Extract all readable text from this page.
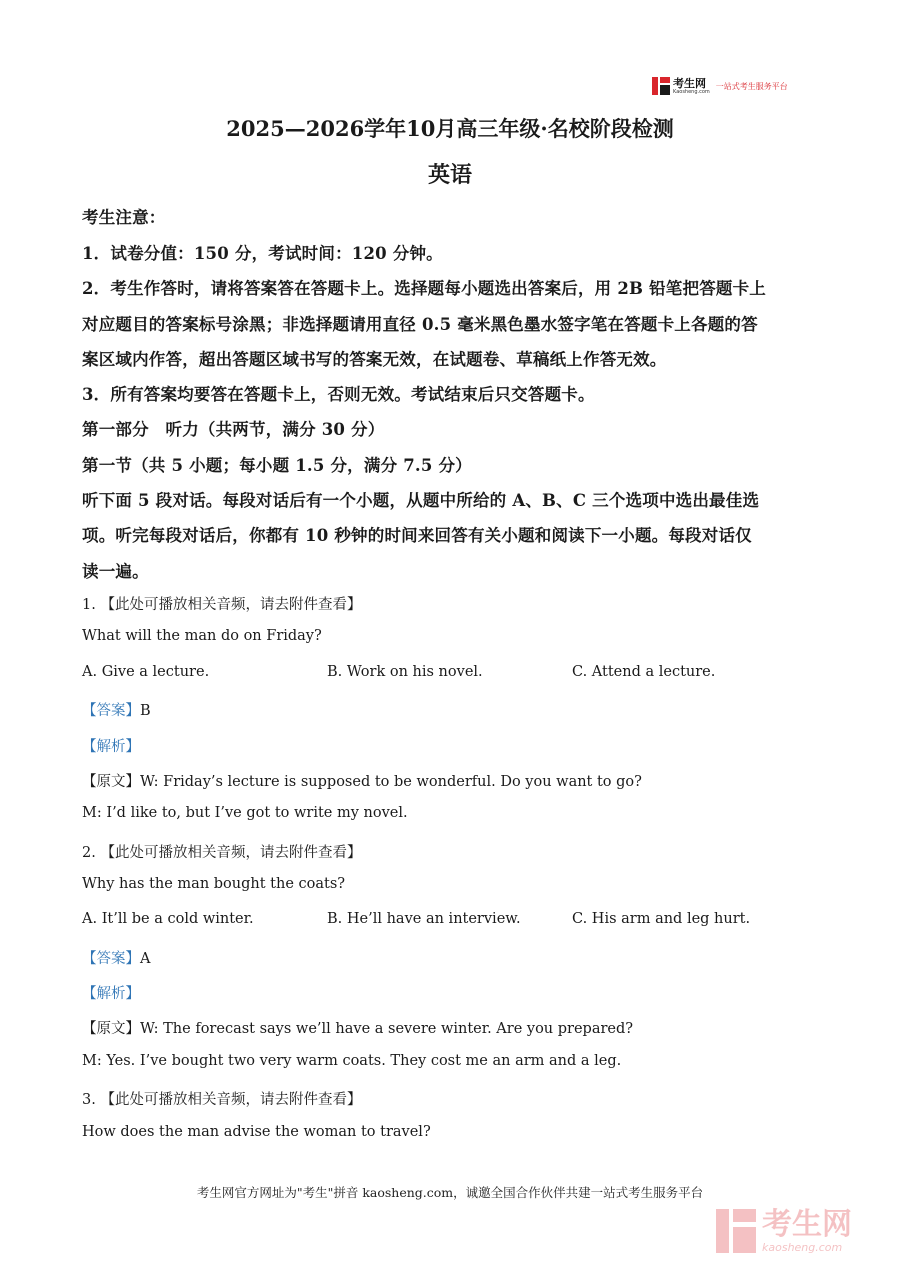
考生网
Kaosheng.com
一站式考生服务平台
2025—2026学年10月高三年级·名校阶段检测
英语

考生注意：

1．试卷分值：150 分，考试时间：120 分钟。

2．考生作答时，请将答案答在答题卡上。选择题每小题选出答案后，用 2B 铅笔把答题卡上

对应题目的答案标号涂黑；非选择题请用直径 0.5 毫米黑色墨水签字笔在答题卡上各题的答

案区域内作答，超出答题区域书写的答案无效，在试题卷、草稿纸上作答无效。

3．所有答案均要答在答题卡上，否则无效。考试结束后只交答题卡。

第一部分　听力（共两节，满分 30 分）

第一节（共 5 小题；每小题 1.5 分，满分 7.5 分）

听下面 5 段对话。每段对话后有一个小题，从题中所给的 A、B、C 三个选项中选出最佳选

项。听完每段对话后，你都有 10 秒钟的时间来回答有关小题和阅读下一小题。每段对话仅

读一遍。

1. 【此处可播放相关音频，请去附件查看】

What will the man do on Friday?

A. Give a lecture.	B. Work on his novel.	C. Attend a lecture.

【答案】B

【解析】

【原文】W: Friday’s lecture is supposed to be wonderful. Do you want to go?

M: I’d like to, but I’ve got to write my novel.

2. 【此处可播放相关音频，请去附件查看】

Why has the man bought the coats?

A. It’ll be a cold winter.	B. He’ll have an interview.	C. His arm and leg hurt.

【答案】A

【解析】

【原文】W: The forecast says we’ll have a severe winter. Are you prepared?

M: Yes. I’ve bought two very warm coats. They cost me an arm and a leg.

3. 【此处可播放相关音频，请去附件查看】

How does the man advise the woman to travel?

考生网官方网址为"考生"拼音 kaosheng.com，诚邀全国合作伙伴共建一站式考生服务平台

考生网
kaosheng.com
